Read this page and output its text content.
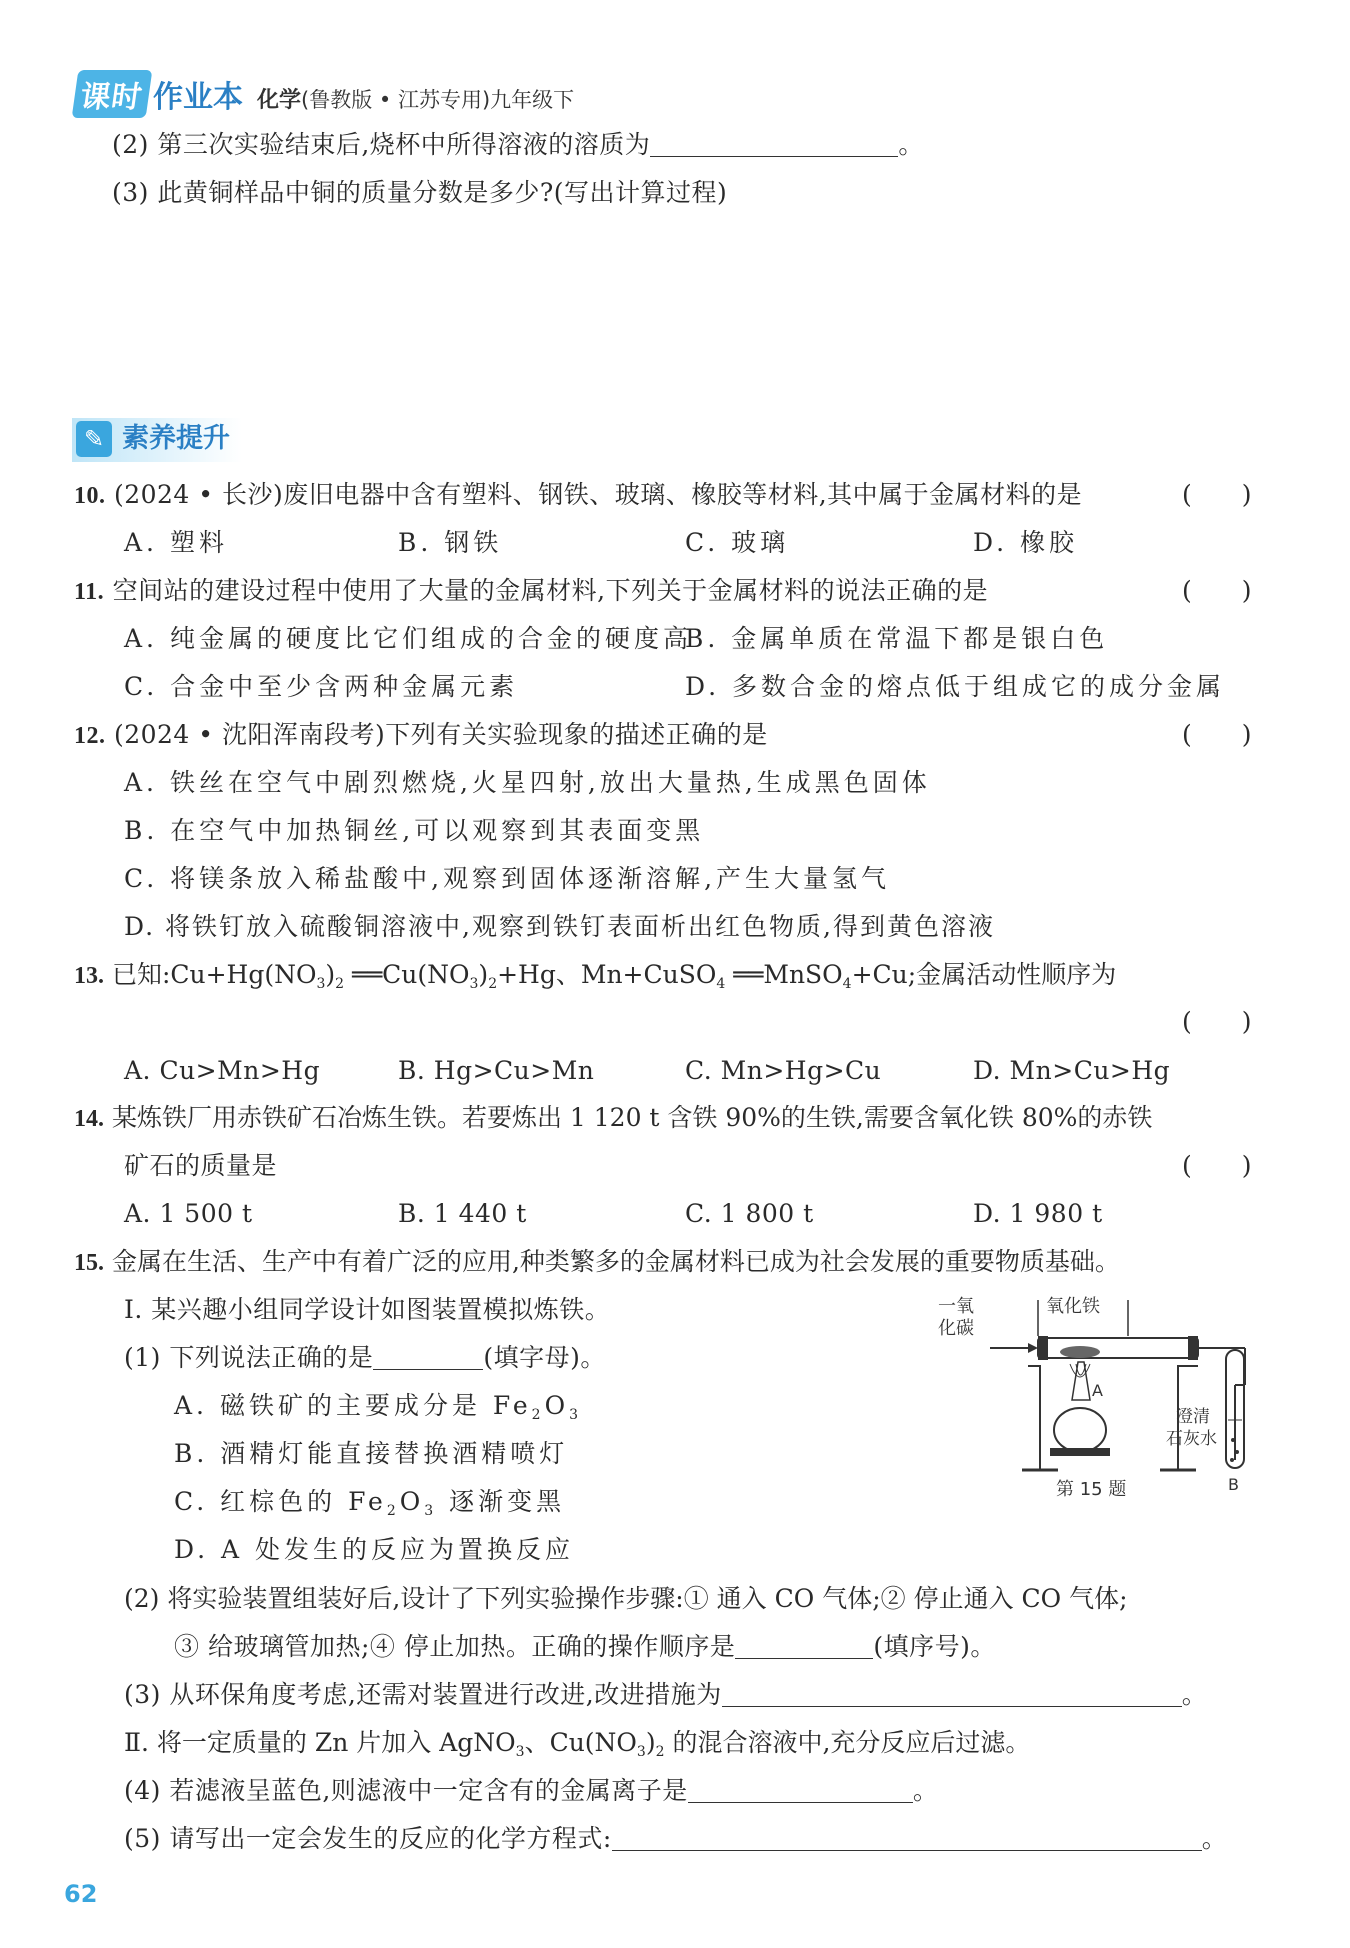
课时 作业本 化学(鲁教版 • 江苏专用)九年级下
(2) 第三次实验结束后,烧杯中所得溶液的溶质为	。
(3) 此黄铜样品中铜的质量分数是多少?(写出计算过程)
✎ 素养提升
10. (2024 • 长沙)废旧电器中含有塑料、钢铁、玻璃、橡胶等材料,其中属于金属材料的是	(　　)
A. 塑料	B. 钢铁	C. 玻璃	D. 橡胶
11. 空间站的建设过程中使用了大量的金属材料,下列关于金属材料的说法正确的是	(　　)
A. 纯金属的硬度比它们组成的合金的硬度高
B. 金属单质在常温下都是银白色
C. 合金中至少含两种金属元素	D. 多数合金的熔点低于组成它的成分金属
12. (2024 • 沈阳浑南段考)下列有关实验现象的描述正确的是	(　　)
A. 铁丝在空气中剧烈燃烧,火星四射,放出大量热,生成黑色固体
B. 在空气中加热铜丝,可以观察到其表面变黑
C. 将镁条放入稀盐酸中,观察到固体逐渐溶解,产生大量氢气
D. 将铁钉放入硫酸铜溶液中,观察到铁钉表面析出红色物质,得到黄色溶液
13. 已知$:Cu+Hg(NO_3)_2$ $══Cu(NO_3)_2+Hg$、Mn+CuSO$_4$ ══MnSO$_4$+Cu;金属活动性顺序为
(　　)
A. Cu>Mn>Hg	B. Hg>Cu>Mn	C. Mn>Hg>Cu	D. Mn>Cu>Hg
14. 某炼铁厂用赤铁矿石冶炼生铁。若要炼出 1 120 t 含铁 90%的生铁,需要含氧化铁 80%的赤铁
矿石的质量是	(　　)
A. 1 500 t	B. 1 440 t	C. 1 800 t	D. 1 980 t
15. 金属在生活、生产中有着广泛的应用,种类繁多的金属材料已成为社会发展的重要物质基础。
Ⅰ. 某兴趣小组同学设计如图装置模拟炼铁。
(1) 下列说法正确的是	(填字母)。
A. 磁铁矿的主要成分是 $Fe_2O_3$
B. 酒精灯能直接替换酒精喷灯
C. 红棕色的 $Fe_2O_3$ 逐渐变黑
D. A 处发生的反应为置换反应
(2) 将实验装置组装好后,设计了下列实验操作步骤:① 通入 CO 气体;② 停止通入 CO 气体;
③ 给玻璃管加热;④ 停止加热。正确的操作顺序是	(填序号)。
(3) 从环保角度考虑,还需对装置进行改进,改进措施为	。
Ⅱ. 将一定质量的 Zn 片加入 AgNO$_3$、$Cu(NO_3)_2$ 的混合溶液中,充分反应后过滤。
(4) 若滤液呈蓝色,则滤液中一定含有的金属离子是	。
(5) 请写出一定会发生的反应的化学方程式:	。
一氧
化碳
氧化铁
A
澄清
石灰水
B
第 15 题
62
